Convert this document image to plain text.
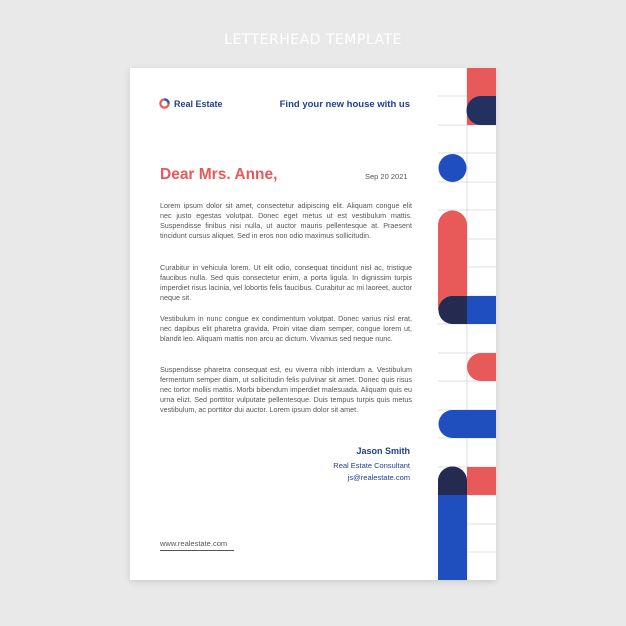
LETTERHEAD TEMPLATE
Real Estate	Find your new house with us
Dear Mrs. Anne,	Sep 20 2021
Lorem ipsum dolor sit amet, consectetur adipiscing elit. Aliquam congue elit nec justo egestas volutpat. Donec eget metus ut est vestibulum mattis. Suspendisse finibus nisi nulla, ut auctor mauris pellentesque at. Praesent tincidunt cursus aliquet. Sed in eros non odio maximus sollicitudin.
Curabitur in vehicula lorem. Ut elit odio, consequat tincidunt nisl ac, tristique faucibus nulla. Sed quis consectetur enim, a porta ligula. In dignissim turpis imperdiet risus lacinia, vel lobortis felis faucibus. Curabitur ac mi laoreet, auctor neque sit.
Vestibulum in nunc congue ex condimentum volutpat. Donec varius nisl erat, nec dapibus elit pharetra gravida. Proin vitae diam semper, congue lorem ut, blandit leo. Aliquam mattis non arcu ac dictum. Vivamus sed neque nunc.
Suspendisse pharetra consequat est, eu viverra nibh interdum a. Vestibulum fermentum semper diam, ut sollicitudin felis pulvinar sit amet. Donec quis risus nec tortor mollis mattis. Morbi bibendum imperdiet malesuada. Aliquam quis eu urna elizt. Sed porttitor vulputate pellentesque. Duis tempus turpis quis metus vestibulum, ac porttitor dui auctor. Lorem ipsum dolor sit amet.
Jason Smith
Real Estate Consultant
js@realestate.com
www.realestate.com
